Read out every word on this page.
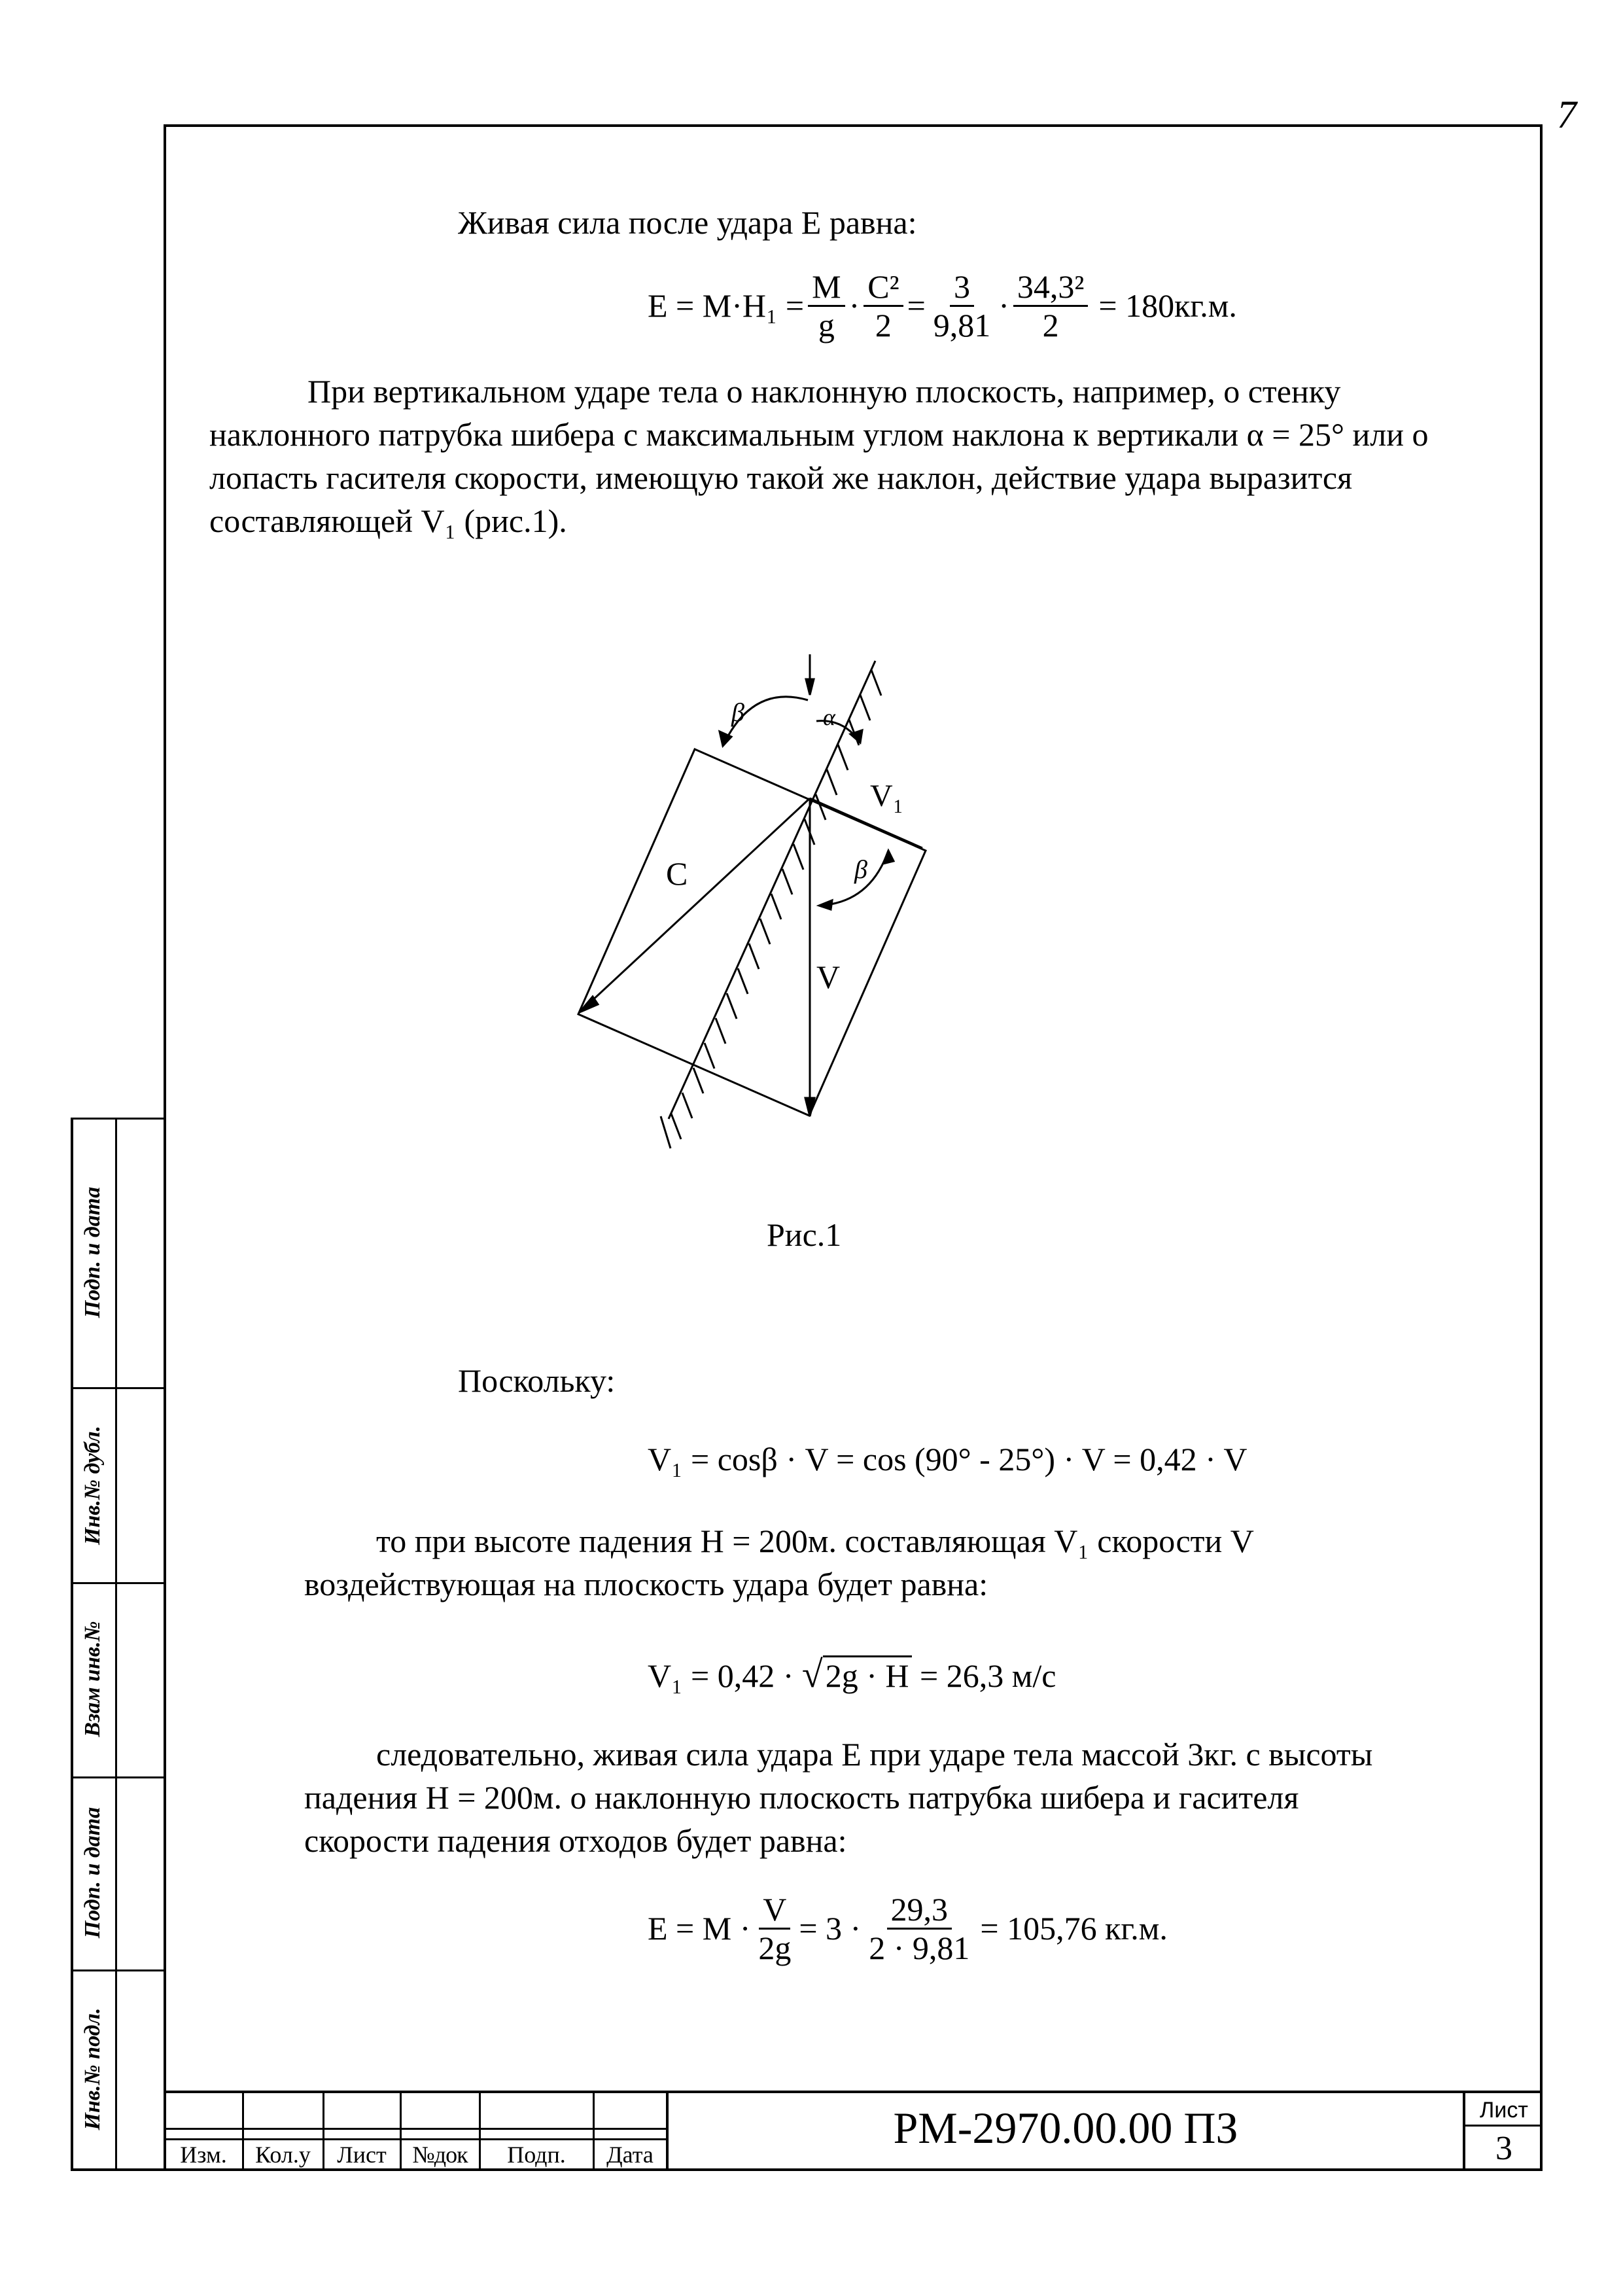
7
Подп. и дата
Инв.№ дубл.
Взам инв.№
Подп. и дата
Инв.№ подл.
Живая сила после удара Е равна:
$Е = М\cdot Н_1 = \frac{М}{g} \cdot \frac{\text{С²}}{2} = \frac{3}{9,81} \cdot \frac{\text{34,3²}}{2} = 180кг.м$.
При вертикальном ударе тела о наклонную плоскость, например, о стенку наклонного патрубка шибера с максимальным углом наклона к вертикали α = 25° или о лопасть гасителя скорости, имеющую такой же наклон, действие удара выразится составляющей V₁ (рис.1).
β	α
V₁
С	β
V
Рис.1
Поскольку:
V₁ = cosβ · V = cos (90° - 25°) · V = 0,42 · V
то при высоте падения Н = 200м. составляющая V₁ скорости V воздействующая на плоскость удара будет равна:
V₁ = 0,42 · √2g · H = 26,3 м/с
следовательно, живая сила удара Е при ударе тела массой 3кг. с высоты падения Н = 200м. о наклонную плоскость патрубка шибера и гасителя скорости падения отходов будет равна:
$Е = М \cdot \frac{V}{2g} = 3 \cdot \frac{29,3}{2 \cdot 9,81} = 105,76$ кг.м.
Изм.	Кол.у	Лист	№док	Подп.	Дата
РМ-2970.00.00 ПЗ	Лист
3
